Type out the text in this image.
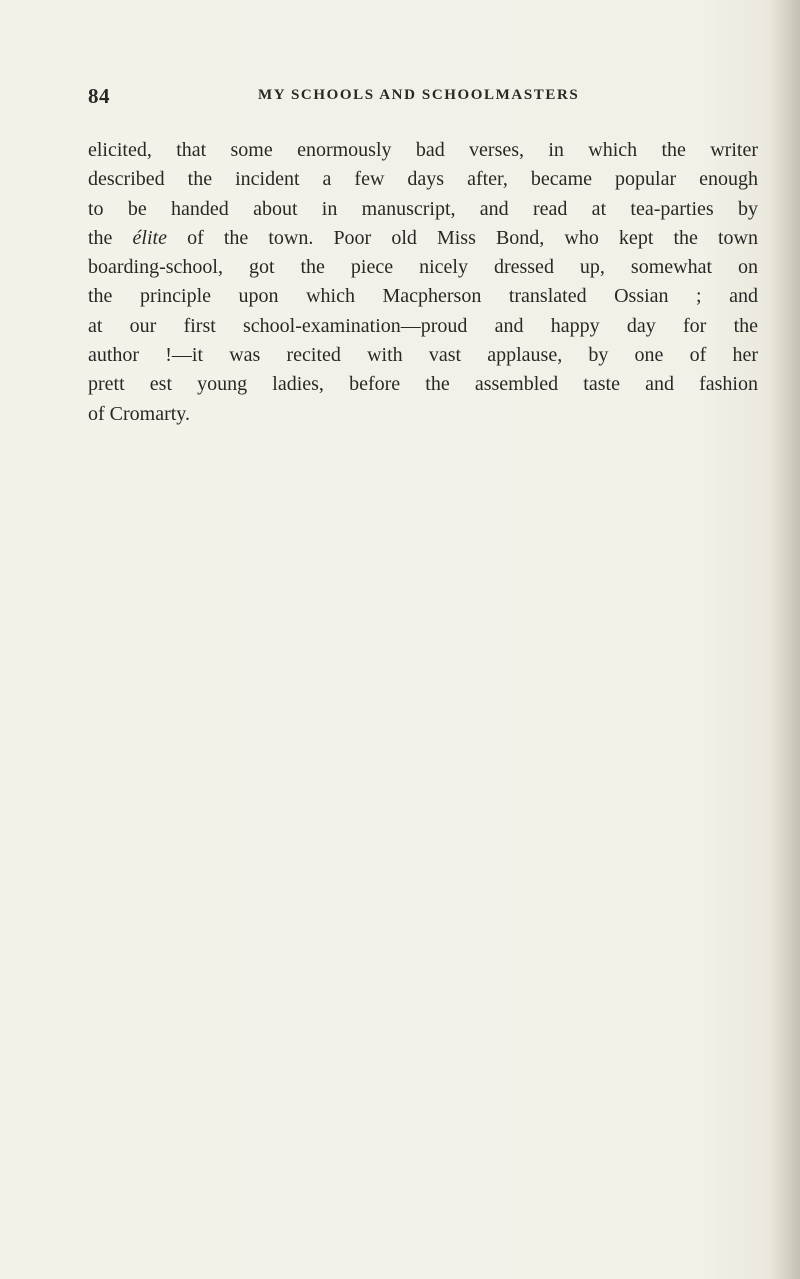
84	MY SCHOOLS AND SCHOOLMASTERS
elicited, that some enormously bad verses, in which the writer
described the incident a few days after, became popular enough
to be handed about in manuscript, and read at tea-parties by
the élite of the town. Poor old Miss Bond, who kept the town
boarding-school, got the piece nicely dressed up, somewhat on
the principle upon which Macpherson translated Ossian ; and
at our first school-examination—proud and happy day for the
author !—it was recited with vast applause, by one of her
prett est young ladies, before the assembled taste and fashion
of Cromarty.
